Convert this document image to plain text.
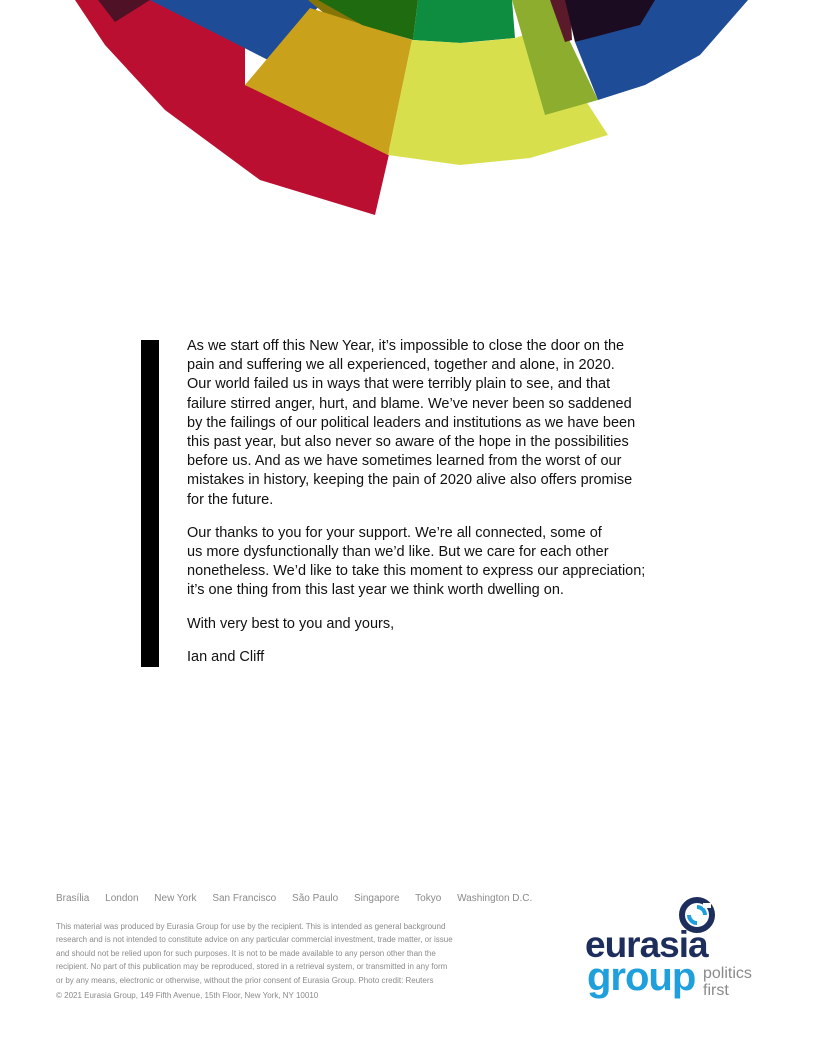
As we start off this New Year, it’s impossible to close the door on the
pain and suffering we all experienced, together and alone, in 2020.
Our world failed us in ways that were terribly plain to see, and that
failure stirred anger, hurt, and blame. We’ve never been so saddened
by the failings of our political leaders and institutions as we have been
this past year, but also never so aware of the hope in the possibilities
before us. And as we have sometimes learned from the worst of our
mistakes in history, keeping the pain of 2020 alive also offers promise
for the future.

Our thanks to you for your support. We’re all connected, some of
us more dysfunctionally than we’d like. But we care for each other
nonetheless. We’d like to take this moment to express our appreciation;
it’s one thing from this last year we think worth dwelling on.

With very best to you and yours,

Ian and Cliff

Brasília London New York San Francisco São Paulo Singapore Tokyo Washington D.C.
This material was produced by Eurasia Group for use by the recipient. This is intended as general background
research and is not intended to constitute advice on any particular commercial investment, trade matter, or issue
and should not be relied upon for such purposes. It is not to be made available to any person other than the
recipient. No part of this publication may be reproduced, stored in a retrieval system, or transmitted in any form
or by any means, electronic or otherwise, without the prior consent of Eurasia Group. Photo credit: Reuters
© 2021 Eurasia Group, 149 Fifth Avenue, 15th Floor, New York, NY 10010
eurasia
group politics
first
